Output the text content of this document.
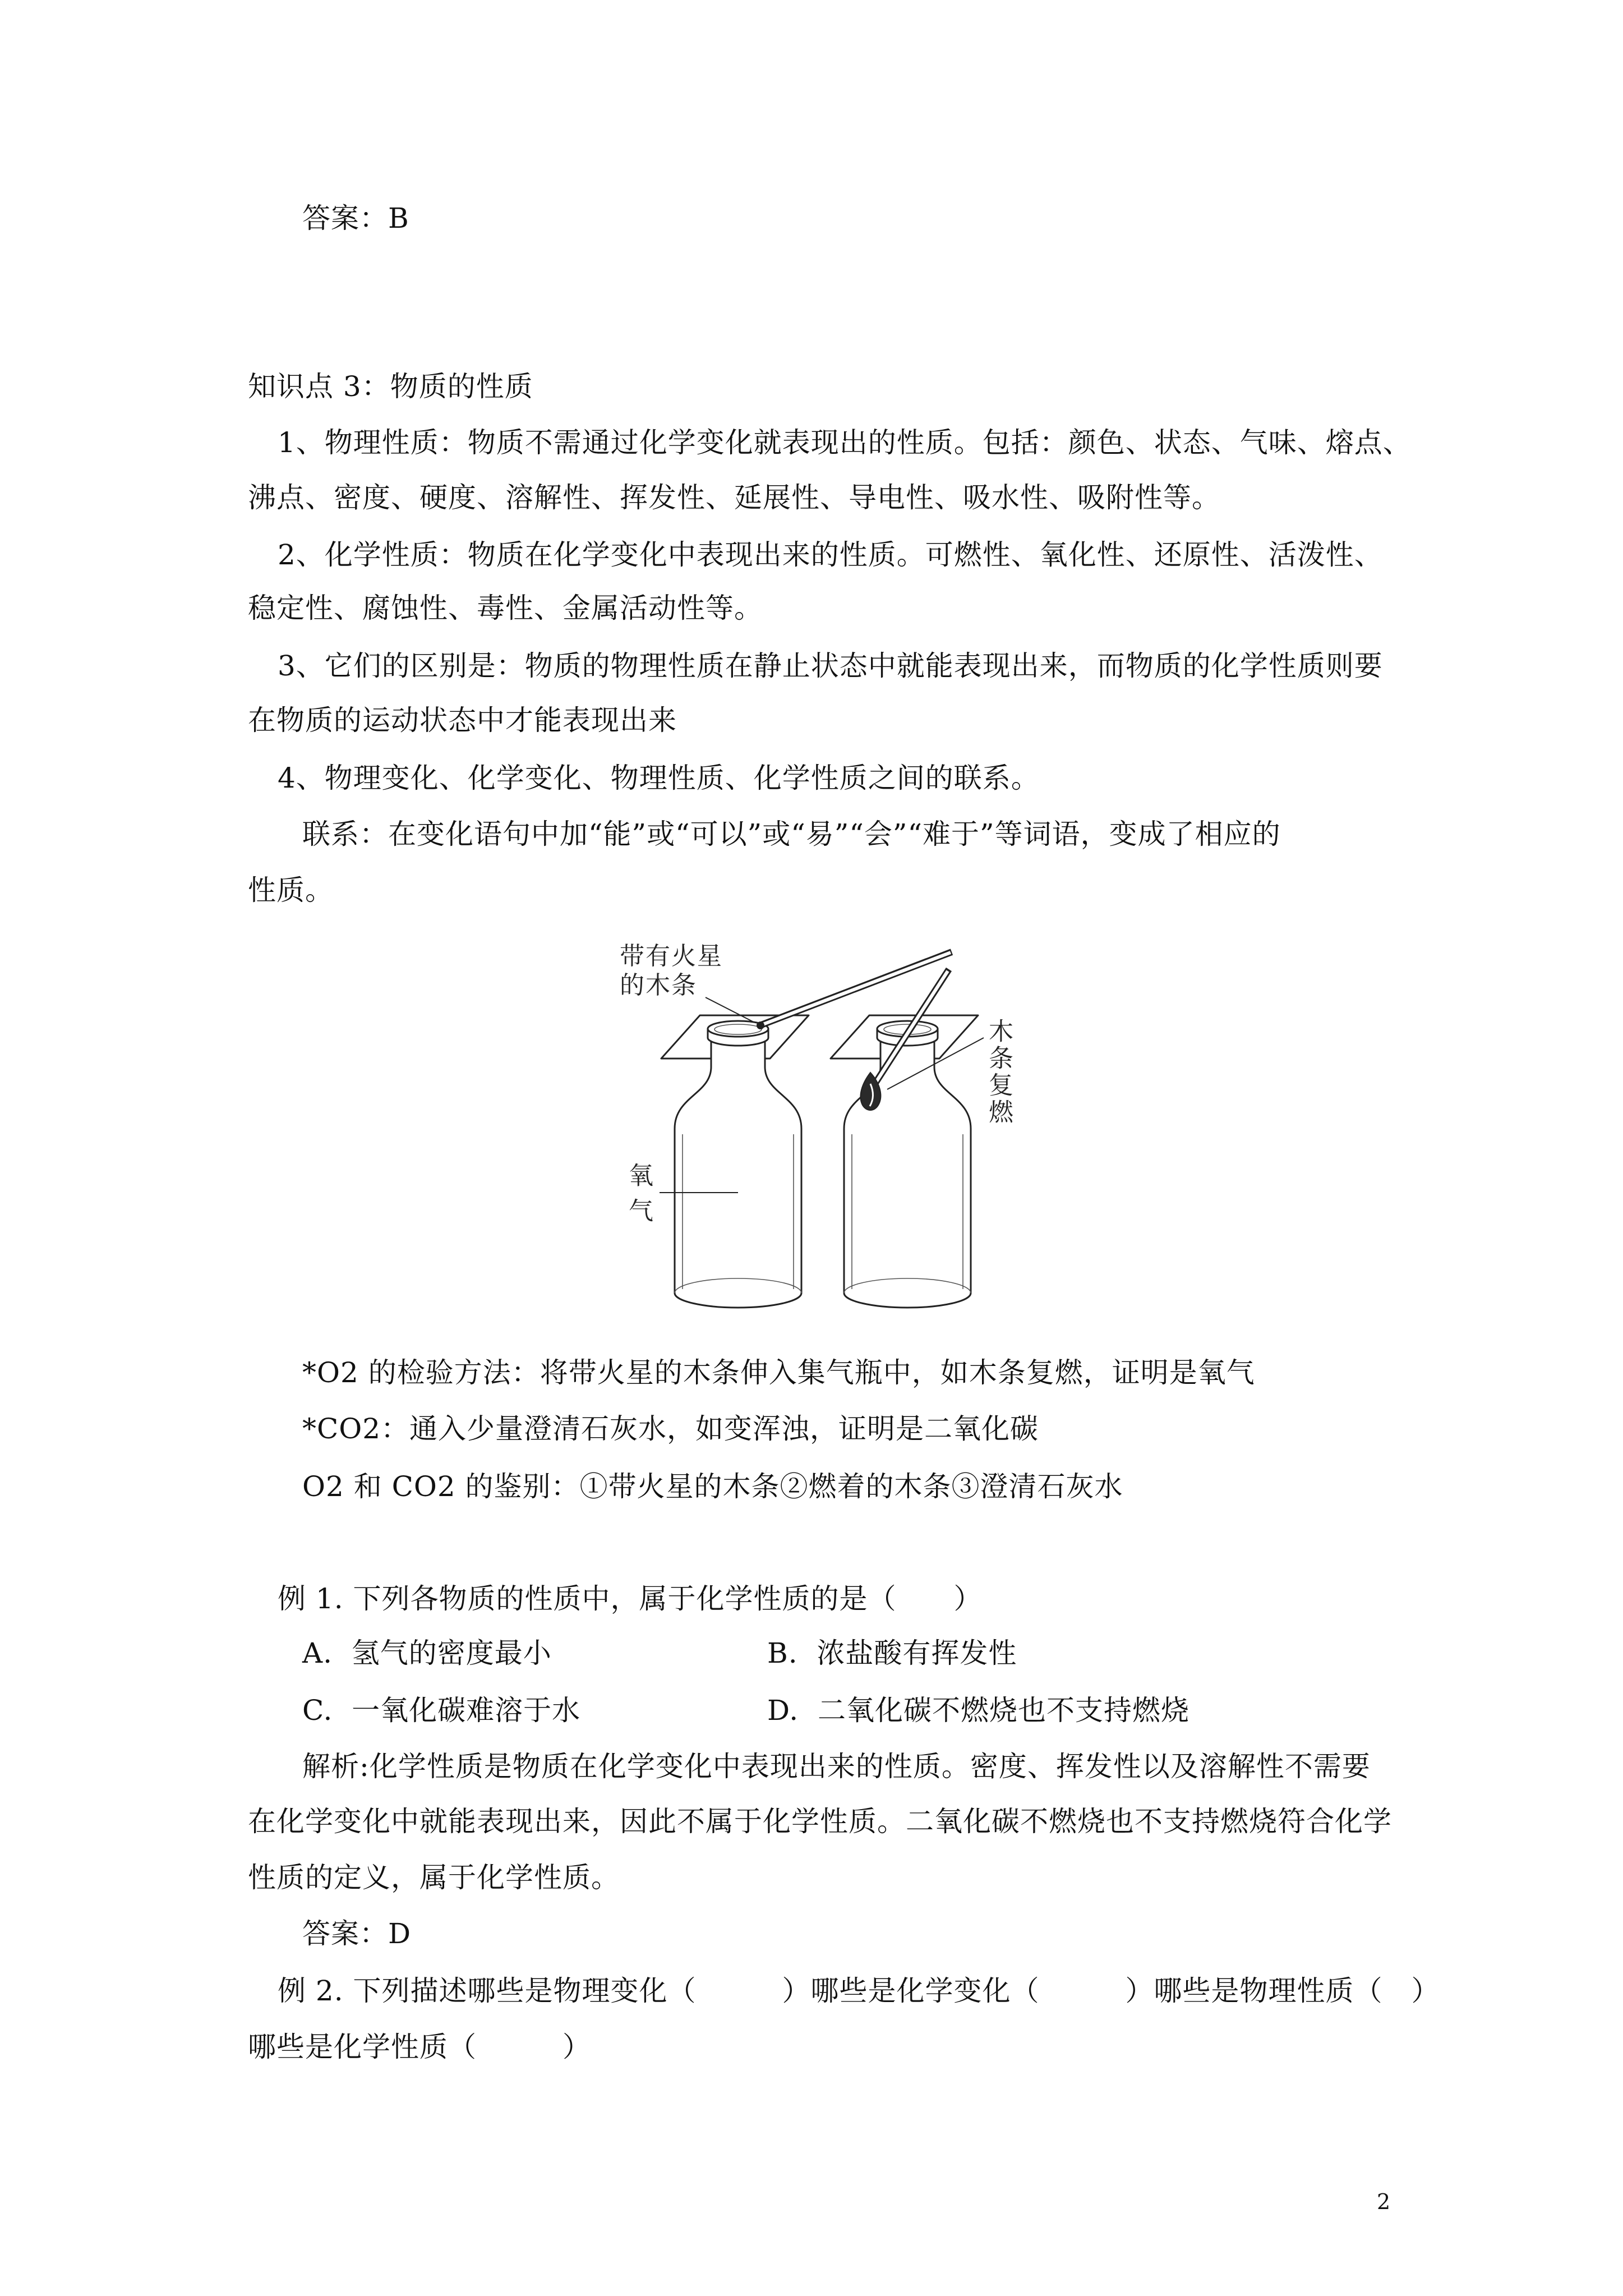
答案：B
知识点 3：物质的性质
1、物理性质：物质不需通过化学变化就表现出的性质。包括：颜色、状态、气味、熔点、
沸点、密度、硬度、溶解性、挥发性、延展性、导电性、吸水性、吸附性等。
2、化学性质：物质在化学变化中表现出来的性质。可燃性、氧化性、还原性、活泼性、
稳定性、腐蚀性、毒性、金属活动性等。
3、它们的区别是：物质的物理性质在静止状态中就能表现出来，而物质的化学性质则要
在物质的运动状态中才能表现出来
4、物理变化、化学变化、物理性质、化学性质之间的联系。
联系：在变化语句中加“能”或“可以”或“易”“会”“难于”等词语，变成了相应的
性质。
带有火星
的木条
木条复燃
氧气
*O2 的检验方法：将带火星的木条伸入集气瓶中，如木条复燃，证明是氧气
*CO2：通入少量澄清石灰水，如变浑浊，证明是二氧化碳
O2 和 CO2 的鉴别：①带火星的木条②燃着的木条③澄清石灰水
例 1. 下列各物质的性质中，属于化学性质的是（　　）
A.  氢气的密度最小	B.  浓盐酸有挥发性
C.  一氧化碳难溶于水	D.  二氧化碳不燃烧也不支持燃烧
解析:化学性质是物质在化学变化中表现出来的性质。密度、挥发性以及溶解性不需要
在化学变化中就能表现出来，因此不属于化学性质。二氧化碳不燃烧也不支持燃烧符合化学
性质的定义，属于化学性质。
答案：D
例 2. 下列描述哪些是物理变化（　　　）哪些是化学变化（　　　）哪些是物理性质（　）
哪些是化学性质（　　　）
2
